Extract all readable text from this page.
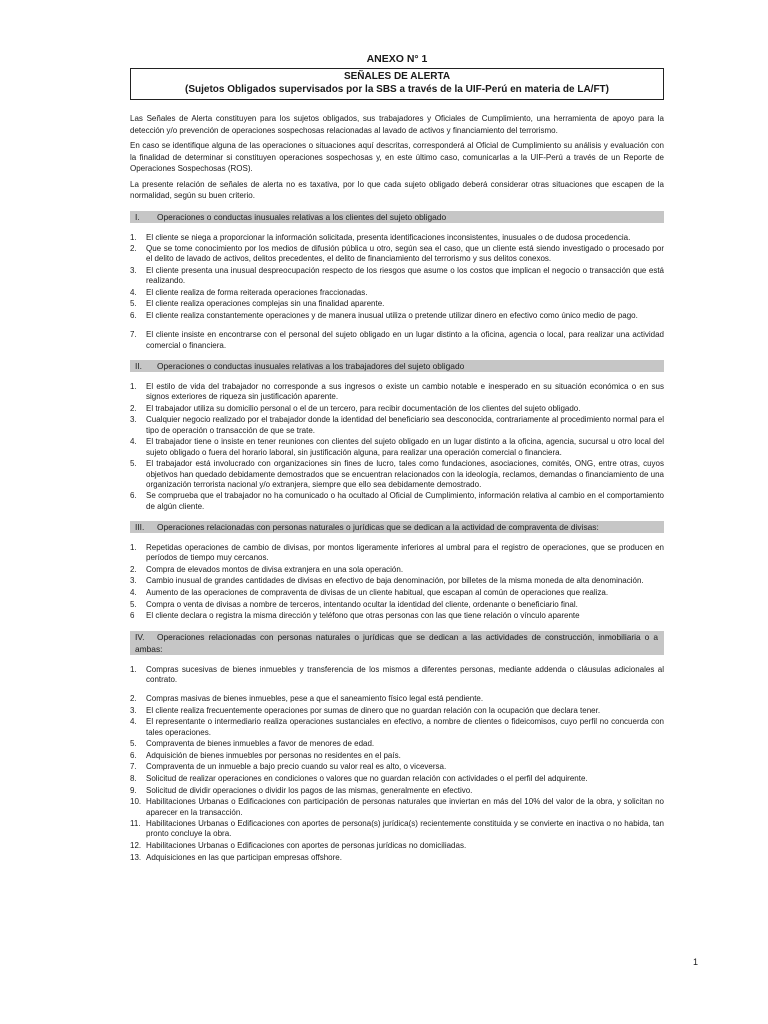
ANEXO N° 1
SEÑALES DE ALERTA
(Sujetos Obligados supervisados por la SBS a través de la UIF-Perú en materia de LA/FT)

Las Señales de Alerta constituyen para los sujetos obligados, sus trabajadores y Oficiales de Cumplimiento, una herramienta de apoyo para la detección y/o prevención de operaciones sospechosas relacionadas al lavado de activos y financiamiento del terrorismo.

En caso se identifique alguna de las operaciones o situaciones aquí descritas, corresponderá al Oficial de Cumplimiento su análisis y evaluación con la finalidad de determinar si constituyen operaciones sospechosas y, en este último caso, comunicarlas a la UIF-Perú a través de un Reporte de Operaciones Sospechosas (ROS).

La presente relación de señales de alerta no es taxativa, por lo que cada sujeto obligado deberá considerar otras situaciones que escapen de la normalidad, según su buen criterio.

I. Operaciones o conductas inusuales relativas a los clientes del sujeto obligado
1. El cliente se niega a proporcionar la información solicitada, presenta identificaciones inconsistentes, inusuales o de dudosa procedencia.
2. Que se tome conocimiento por los medios de difusión pública u otro, según sea el caso, que un cliente está siendo investigado o procesado por el delito de lavado de activos, delitos precedentes, el delito de financiamiento del terrorismo y sus delitos conexos.
3. El cliente presenta una inusual despreocupación respecto de los riesgos que asume o los costos que implican el negocio o transacción que está realizando.
4. El cliente realiza de forma reiterada operaciones fraccionadas.
5. El cliente realiza operaciones complejas sin una finalidad aparente.
6. El cliente realiza constantemente operaciones y de manera inusual utiliza o pretende utilizar dinero en efectivo como único medio de pago.
7. El cliente insiste en encontrarse con el personal del sujeto obligado en un lugar distinto a la oficina, agencia o local, para realizar una actividad comercial o financiera.
II. Operaciones o conductas inusuales relativas a los trabajadores del sujeto obligado
1. El estilo de vida del trabajador no corresponde a sus ingresos o existe un cambio notable e inesperado en su situación económica o en sus signos exteriores de riqueza sin justificación aparente.
2. El trabajador utiliza su domicilio personal o el de un tercero, para recibir documentación de los clientes del sujeto obligado.
3. Cualquier negocio realizado por el trabajador donde la identidad del beneficiario sea desconocida, contrariamente al procedimiento normal para el tipo de operación o transacción de que se trate.
4. El trabajador tiene o insiste en tener reuniones con clientes del sujeto obligado en un lugar distinto a la oficina, agencia, sucursal u otro local del sujeto obligado o fuera del horario laboral, sin justificación alguna, para realizar una operación comercial o financiera.
5. El trabajador está involucrado con organizaciones sin fines de lucro, tales como fundaciones, asociaciones, comités, ONG, entre otras, cuyos objetivos han quedado debidamente demostrados que se encuentran relacionados con la ideología, reclamos, demandas o financiamiento de una organización terrorista nacional y/o extranjera, siempre que ello sea debidamente demostrado.
6. Se comprueba que el trabajador no ha comunicado o ha ocultado al Oficial de Cumplimiento, información relativa al cambio en el comportamiento de algún cliente.
III. Operaciones relacionadas con personas naturales o jurídicas que se dedican a la actividad de compraventa de divisas:
1. Repetidas operaciones de cambio de divisas, por montos ligeramente inferiores al umbral para el registro de operaciones, que se producen en períodos de tiempo muy cercanos.
2. Compra de elevados montos de divisa extranjera en una sola operación.
3. Cambio inusual de grandes cantidades de divisas en efectivo de baja denominación, por billetes de la misma moneda de alta denominación.
4. Aumento de las operaciones de compraventa de divisas de un cliente habitual, que escapan al común de operaciones que realiza.
5. Compra o venta de divisas a nombre de terceros, intentando ocultar la identidad del cliente, ordenante o beneficiario final.
6 El cliente declara o registra la misma dirección y teléfono que otras personas con las que tiene relación o vínculo aparente
IV. Operaciones relacionadas con personas naturales o jurídicas que se dedican a las actividades de construcción, inmobiliaria o a ambas:
1. Compras sucesivas de bienes inmuebles y transferencia de los mismos a diferentes personas, mediante addenda o cláusulas adicionales al contrato.
2. Compras masivas de bienes inmuebles, pese a que el saneamiento físico legal está pendiente.
3. El cliente realiza frecuentemente operaciones por sumas de dinero que no guardan relación con la ocupación que declara tener.
4. El representante o intermediario realiza operaciones sustanciales en efectivo, a nombre de clientes o fideicomisos, cuyo perfil no concuerda con tales operaciones.
5. Compraventa de bienes inmuebles a favor de menores de edad.
6. Adquisición de bienes inmuebles por personas no residentes en el país.
7. Compraventa de un inmueble a bajo precio cuando su valor real es alto, o viceversa.
8. Solicitud de realizar operaciones en condiciones o valores que no guardan relación con actividades o el perfil del adquirente.
9. Solicitud de dividir operaciones o dividir los pagos de las mismas, generalmente en efectivo.
10. Habilitaciones Urbanas o Edificaciones con participación de personas naturales que inviertan en más del 10% del valor de la obra, y solicitan no aparecer en la transacción.
11. Habilitaciones Urbanas o Edificaciones con aportes de persona(s) jurídica(s) recientemente constituida y se convierte en inactiva o no habida, tan pronto concluye la obra.
12. Habilitaciones Urbanas o Edificaciones con aportes de personas jurídicas no domiciliadas.
13. Adquisiciones en las que participan empresas offshore.
1
